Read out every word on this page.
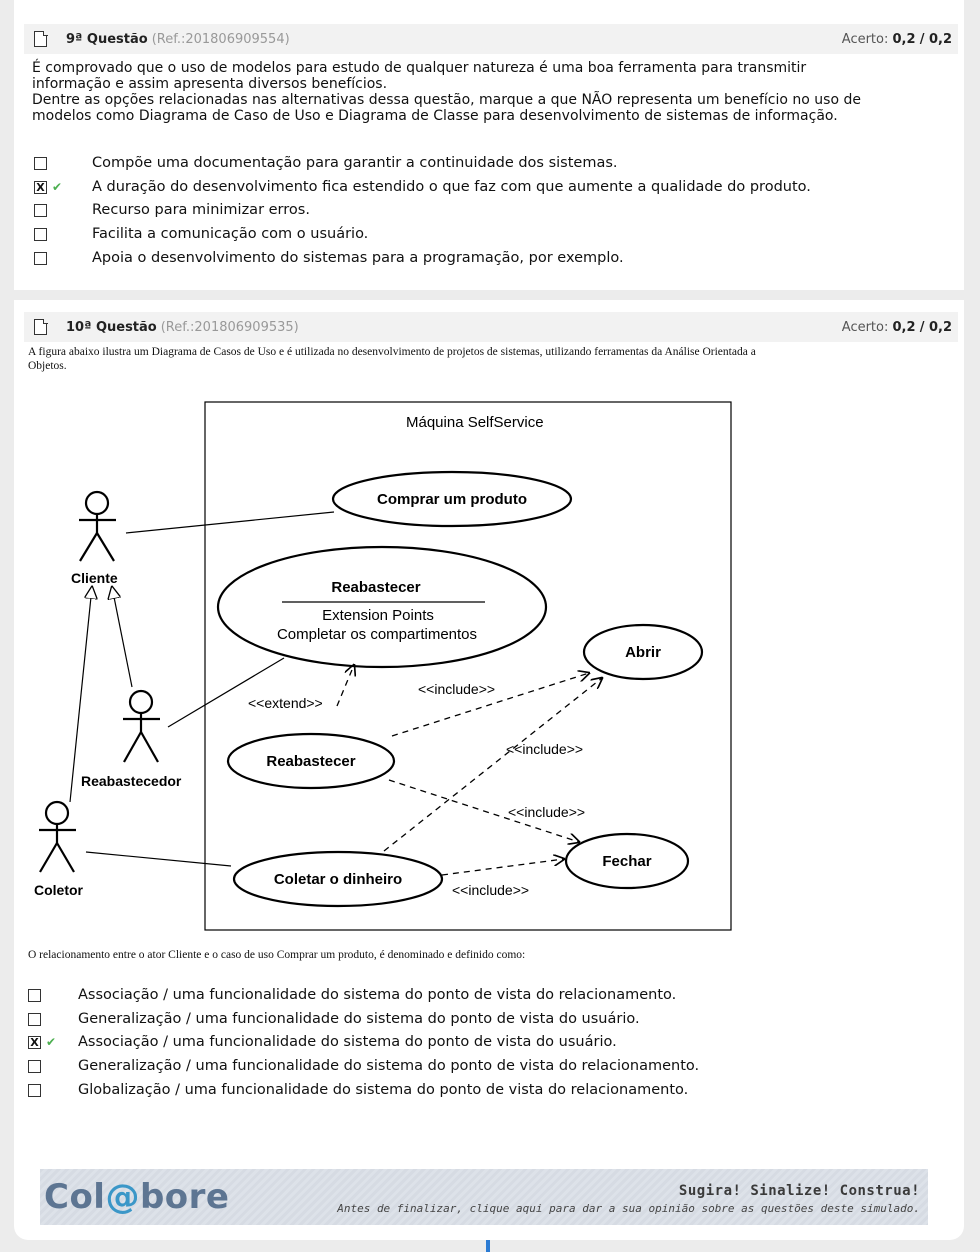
9ª Questão (Ref.:201806909554)	Acerto: 0,2 / 0,2

É comprovado que o uso de modelos para estudo de qualquer natureza é uma boa ferramenta para transmitir

informação e assim apresenta diversos benefícios.

Dentre as opções relacionadas nas alternativas dessa questão, marque a que NÃO representa um benefício no uso de

modelos como Diagrama de Caso de Uso e Diagrama de Classe para desenvolvimento de sistemas de informação.

Compõe uma documentação para garantir a continuidade dos sistemas.
X ✔ A duração do desenvolvimento fica estendido o que faz com que aumente a qualidade do produto.
Recurso para minimizar erros.
Facilita a comunicação com o usuário.
Apoia o desenvolvimento do sistemas para a programação, por exemplo.
10ª Questão (Ref.:201806909535)	Acerto: 0,2 / 0,2
A figura abaixo ilustra um Diagrama de Casos de Uso e é utilizada no desenvolvimento de projetos de sistemas, utilizando ferramentas da Análise Orientada a
Objetos.
Máquina SelfService
Cliente
Reabastecedor
Coletor
Comprar um produto
Reabastecer
Extension Points
Completar os compartimentos
Abrir
Reabastecer
Fechar
Coletar o dinheiro
<<extend>>
<<include>>
<<include>>
<<include>>
<<include>>
O relacionamento entre o ator Cliente e o caso de uso Comprar um produto, é denominado e definido como:
Associação / uma funcionalidade do sistema do ponto de vista do relacionamento.
Generalização / uma funcionalidade do sistema do ponto de vista do usuário.
X ✔ Associação / uma funcionalidade do sistema do ponto de vista do usuário.
Generalização / uma funcionalidade do sistema do ponto de vista do relacionamento.
Globalização / uma funcionalidade do sistema do ponto de vista do relacionamento.
Col@bore	Sugira! Sinalize! Construa!
Antes de finalizar, clique aqui para dar a sua opinião sobre as questões deste simulado.
